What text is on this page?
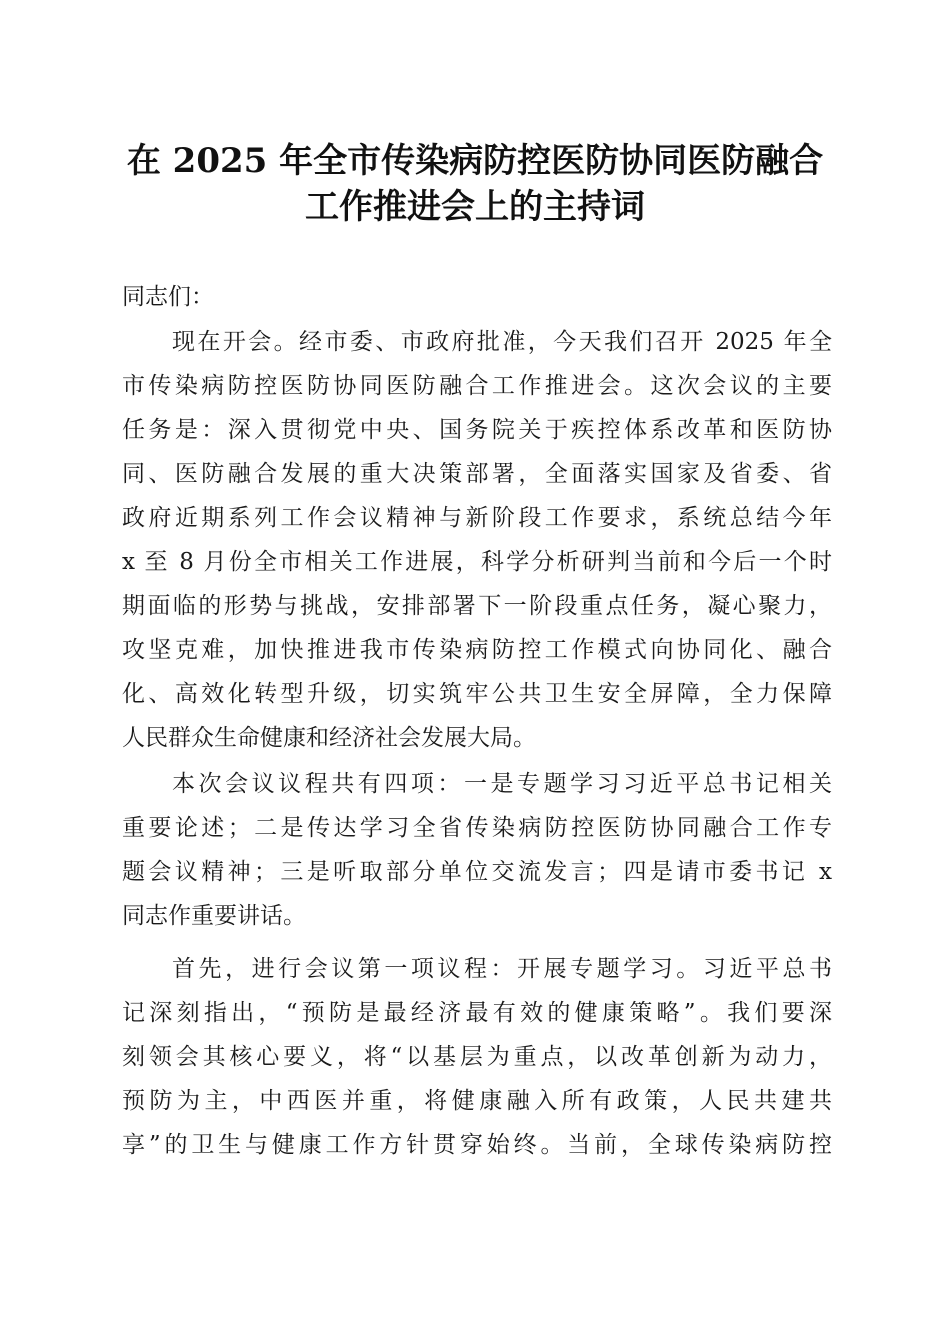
在 2025 年全市传染病防控医防协同医防融合
工作推进会上的主持词
同志们：
现在开会。经市委、市政府批准，今天我们召开 2025 年全
市传染病防控医防协同医防融合工作推进会。这次会议的主要
任务是：深入贯彻党中央、国务院关于疾控体系改革和医防协
同、医防融合发展的重大决策部署，全面落实国家及省委、省
政府近期系列工作会议精神与新阶段工作要求，系统总结今年
x 至 8 月份全市相关工作进展，科学分析研判当前和今后一个时
期面临的形势与挑战，安排部署下一阶段重点任务，凝心聚力，
攻坚克难，加快推进我市传染病防控工作模式向协同化、融合
化、高效化转型升级，切实筑牢公共卫生安全屏障，全力保障
人民群众生命健康和经济社会发展大局。
本次会议议程共有四项：一是专题学习习近平总书记相关
重要论述；二是传达学习全省传染病防控医防协同融合工作专
题会议精神；三是听取部分单位交流发言；四是请市委书记 x
同志作重要讲话。
首先，进行会议第一项议程：开展专题学习。习近平总书
记深刻指出，“预防是最经济最有效的健康策略”。我们要深
刻领会其核心要义，将“以基层为重点，以改革创新为动力，
预防为主，中西医并重，将健康融入所有政策，人民共建共
享”的卫生与健康工作方针贯穿始终。当前，全球传染病防控
